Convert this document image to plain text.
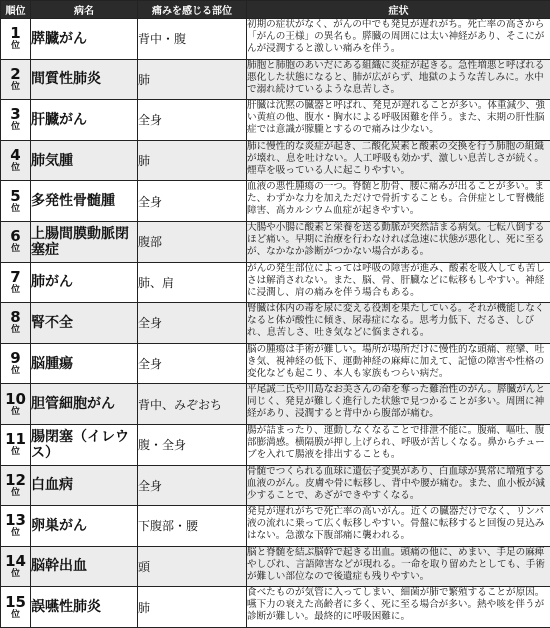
順位	病名	痛みを感じる部位	症状

1
位	膵臓がん	背中・腹	初期の症状がなく、がんの中でも発見が遅れがち。死亡率の高さから「がんの王様」の異名も。膵臓の周囲には太い神経があり、そこにがんが浸潤すると激しい痛みを伴う。

2
位	間質性肺炎	肺	肺胞と肺胞のあいだにある組織に炎症が起きる。急性増悪と呼ばれる悪化した状態になると、肺が広がらず、地獄のような苦しみに。水中で溺れ続けているような息苦しさ。

3
位	肝臓がん	全身	肝臓は沈黙の臓器と呼ばれ、発見が遅れることが多い。体重減少、強い黄疸の他、腹水・胸水による呼吸困難を伴う。また、末期の肝性脳症では意識が朦朧とするので痛みは少ない。

4
位	肺気腫	肺	肺に慢性的な炎症が起き、二酸化炭素と酸素の交換を行う肺胞の組織が壊れ、息を吐けない。人工呼吸も効かず、激しい息苦しさが続く。煙草を吸っている人に起こりやすい。

5
位	多発性骨髄腫	全身	血液の悪性腫瘍の一つ。脊髄と肋骨、腰に痛みが出ることが多い。また、わずかな力を加えただけで骨折することも。合併症として腎機能障害、高カルシウム血症が起きやすい。

6
位	上腸間膜動脈閉塞症	腹部	大腸や小腸に酸素と栄養を送る動脈が突然詰まる病気。七転八倒するほど痛い。早期に治療を行わなければ急速に状態が悪化し、死に至るが、なかなか診断がつかない場合がある。

7
位	肺がん	肺、肩	がんの発生部位によっては呼吸の障害が進み、酸素を吸入しても苦しさは解消されない。また、脳、骨、肝臓などに転移もしやすい。神経に浸潤し、肩の痛みを伴う場合もある。

8
位	腎不全	全身	腎臓は体内の毒を尿に変える役割を果たしている。それが機能しなくなると体が酸性に傾き、尿毒症になる。思考力低下、だるさ、しびれ、息苦しさ、吐き気などに悩まされる。

9
位	脳腫瘍	全身	脳の腫瘍は手術が難しい。場所が場所だけに慢性的な頭痛、痙攣、吐き気、視神経の低下、運動神経の麻痺に加えて、記憶の障害や性格の変化なども起こり、本人も家族もつらい病だ。

10
位	胆管細胞がん	背中、みぞおち	平尾誠二氏や川島なお美さんの命を奪った難治性のがん。膵臓がんと同じく、発見が難しく進行した状態で見つかることが多い。周囲に神経があり、浸潤すると背中から腹部が痛む。

11
位	腸閉塞（イレウス）	腹・全身	腸が詰まったり、運動しなくなることで排泄不能に。腹痛、嘔吐、腹部膨満感。横隔膜が押し上げられ、呼吸が苦しくなる。鼻からチューブを入れて腸液を排出することも。

12
位	白血病	全身	骨髄でつくられる血球に遺伝子変異があり、白血球が異常に増殖する血液のがん。皮膚や骨に転移し、背中や腰が痛む。また、血小板が減少することで、あざができやすくなる。

13
位	卵巣がん	下腹部・腰	発見が遅れがちで死亡率の高いがん。近くの臓器だけでなく、リンパ液の流れに乗って広く転移しやすい。骨盤に転移すると回復の見込みはない。急激な下腹部痛に襲われる。

14
位	脳幹出血	頭	脳と脊髄を結ぶ脳幹で起きる出血。頭痛の他に、めまい、手足の麻痺やしびれ、言語障害などが現れる。一命を取り留めたとしても、手術が難しい部位なので後遺症も残りやすい。

15
位	誤嚥性肺炎	肺	食べたものが気管に入ってしまい、細菌が肺で繁殖することが原因。嚥下力の衰えた高齢者に多く、死に至る場合が多い。熱や咳を伴うが診断が難しい。最終的に呼吸困難に。
